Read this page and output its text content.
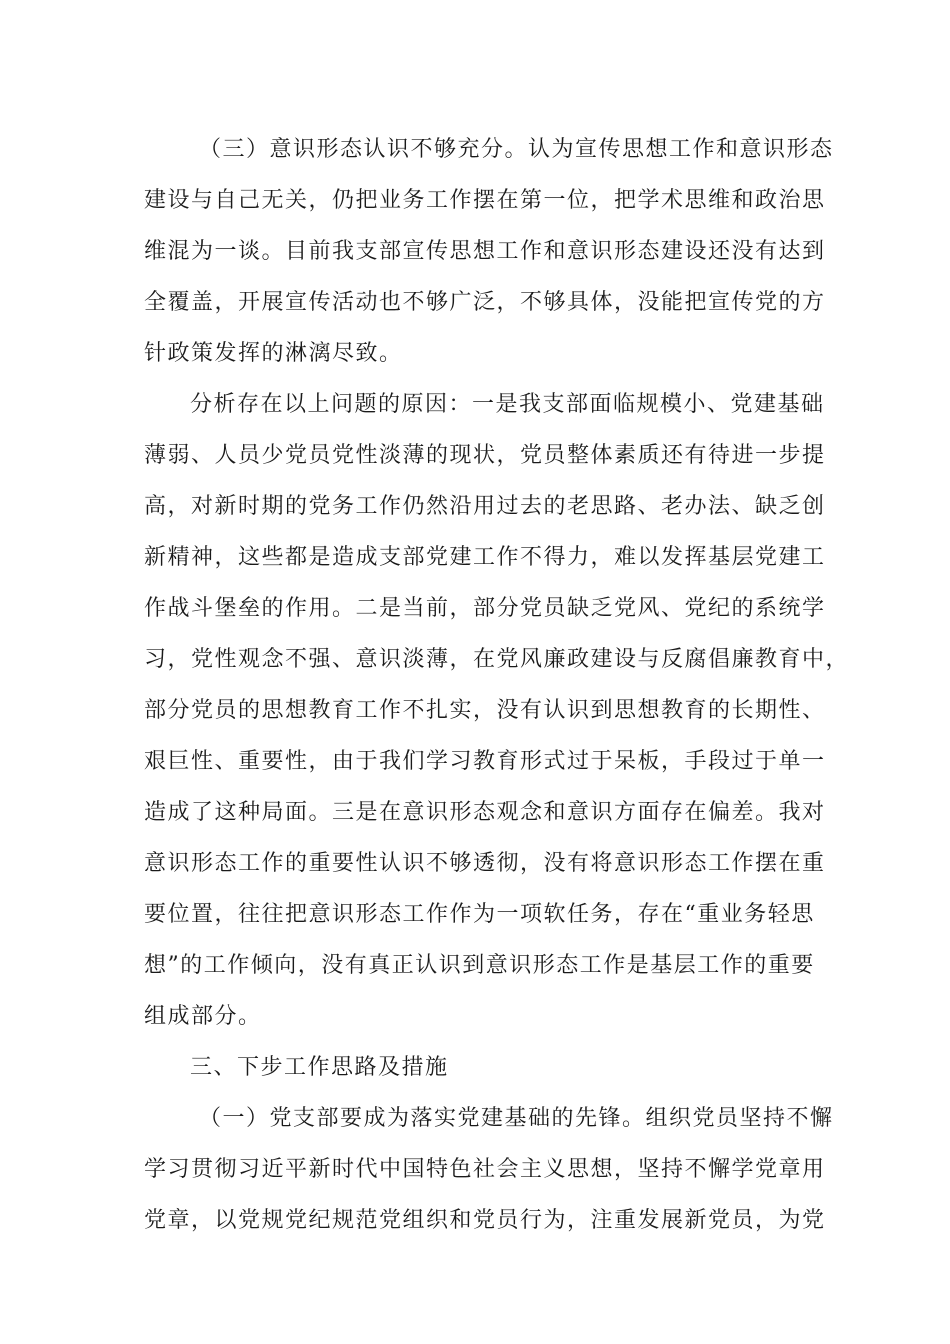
（三）意识形态认识不够充分。认为宣传思想工作和意识形态
建设与自己无关，仍把业务工作摆在第一位，把学术思维和政治思
维混为一谈。目前我支部宣传思想工作和意识形态建设还没有达到
全覆盖，开展宣传活动也不够广泛，不够具体，没能把宣传党的方
针政策发挥的淋漓尽致。
分析存在以上问题的原因：一是我支部面临规模小、党建基础
薄弱、人员少党员党性淡薄的现状，党员整体素质还有待进一步提
高，对新时期的党务工作仍然沿用过去的老思路、老办法、缺乏创
新精神，这些都是造成支部党建工作不得力，难以发挥基层党建工
作战斗堡垒的作用。二是当前，部分党员缺乏党风、党纪的系统学
习，党性观念不强、意识淡薄，在党风廉政建设与反腐倡廉教育中，
部分党员的思想教育工作不扎实，没有认识到思想教育的长期性、
艰巨性、重要性，由于我们学习教育形式过于呆板，手段过于单一
造成了这种局面。三是在意识形态观念和意识方面存在偏差。我对
意识形态工作的重要性认识不够透彻，没有将意识形态工作摆在重
要位置，往往把意识形态工作作为一项软任务，存在“重业务轻思
想”的工作倾向，没有真正认识到意识形态工作是基层工作的重要
组成部分。
三、下步工作思路及措施
（一）党支部要成为落实党建基础的先锋。组织党员坚持不懈
学习贯彻习近平新时代中国特色社会主义思想，坚持不懈学党章用
党章，以党规党纪规范党组织和党员行为，注重发展新党员，为党
